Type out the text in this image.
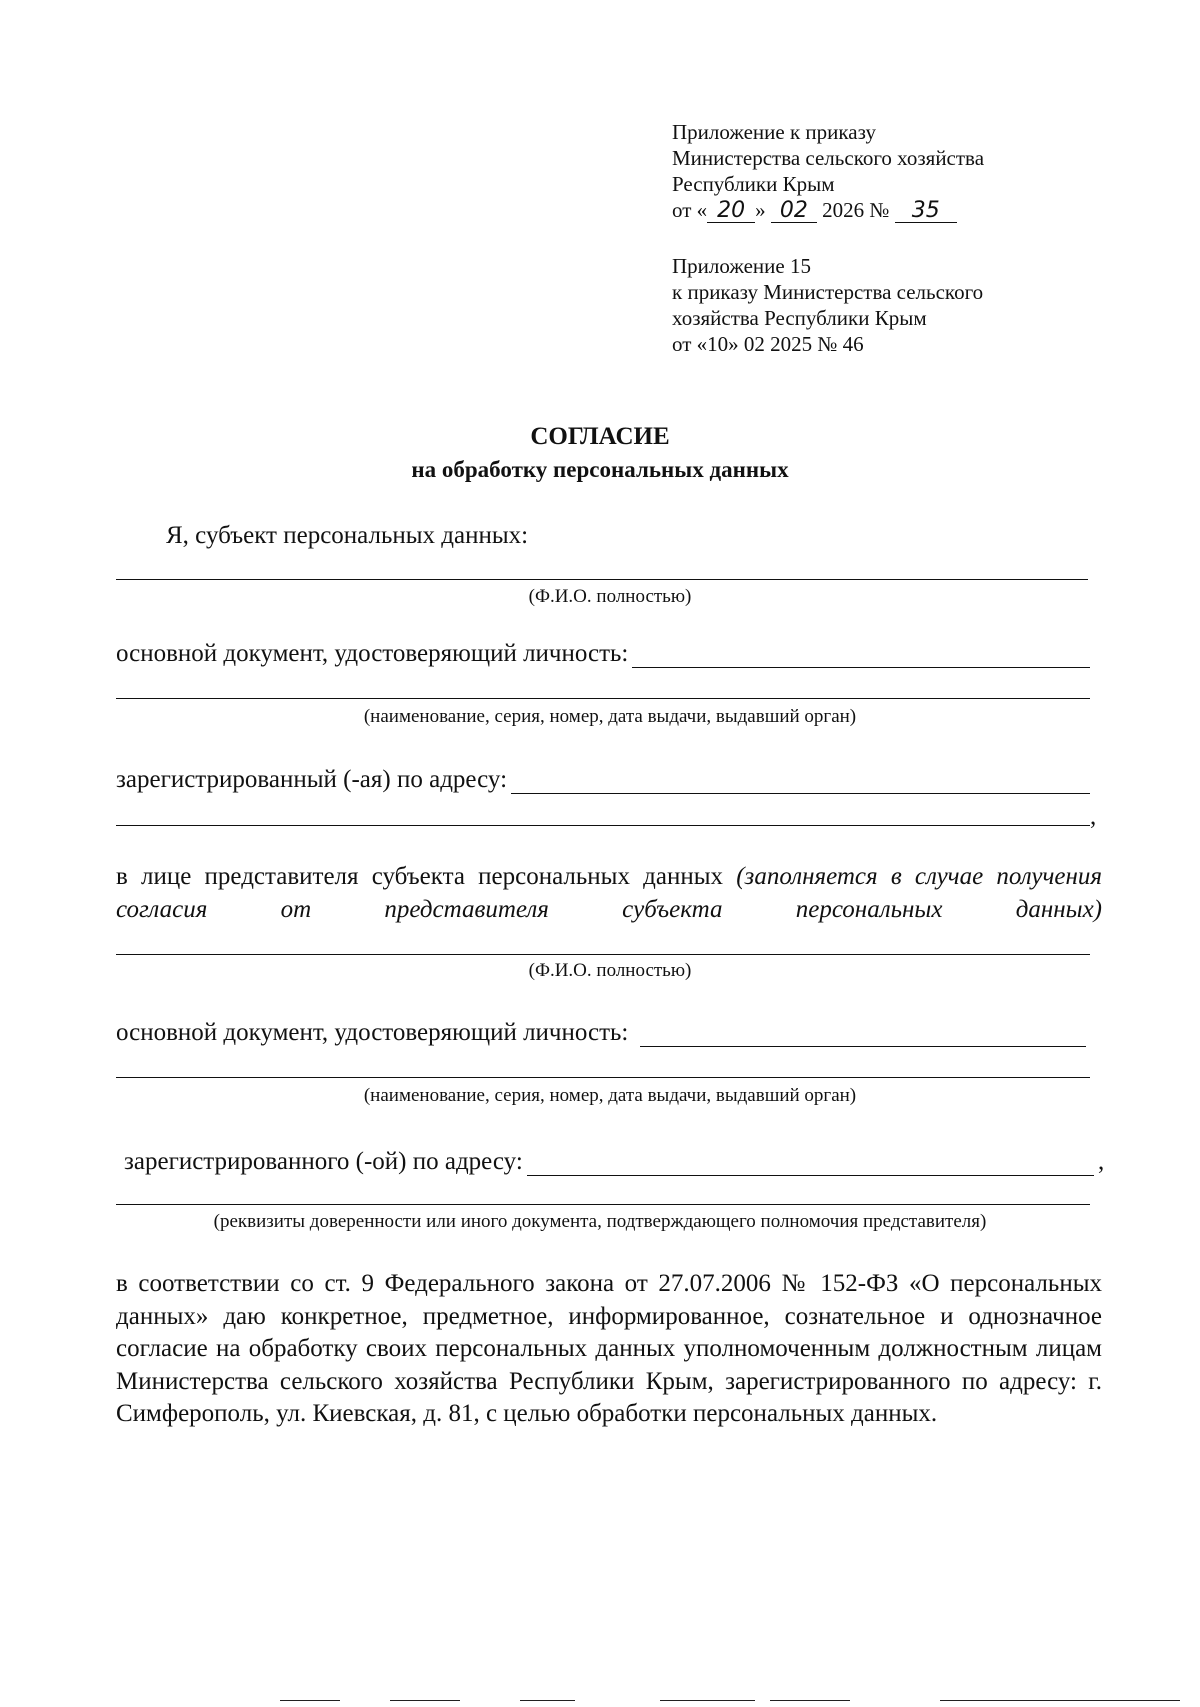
Приложение к приказу
Министерства сельского хозяйства
Республики Крым
от « 20 » 02 2026 № 35
Приложение 15
к приказу Министерства сельского
хозяйства Республики Крым
от «10» 02 2025 № 46
СОГЛАСИЕ
на обработку персональных данных
Я, субъект персональных данных:
(Ф.И.О. полностью)
основной документ, удостоверяющий личность:
(наименование, серия, номер, дата выдачи, выдавший орган)
зарегистрированный (-ая) по адресу:
,
в лице представителя субъекта персональных данных (заполняется в случае получения согласия от представителя субъекта персональных данных)
(Ф.И.О. полностью)
основной документ, удостоверяющий личность:
(наименование, серия, номер, дата выдачи, выдавший орган)
зарегистрированного (-ой) по адресу:	,
(реквизиты доверенности или иного документа, подтверждающего полномочия представителя)
в соответствии со ст. 9 Федерального закона от 27.07.2006 № 152-ФЗ «О персональных данных» даю конкретное, предметное, информированное, сознательное и однозначное согласие на обработку своих персональных данных уполномоченным должностным лицам Министерства сельского хозяйства Республики Крым, зарегистрированного по адресу: г. Симферополь, ул. Киевская, д. 81, с целью обработки персональных данных.
